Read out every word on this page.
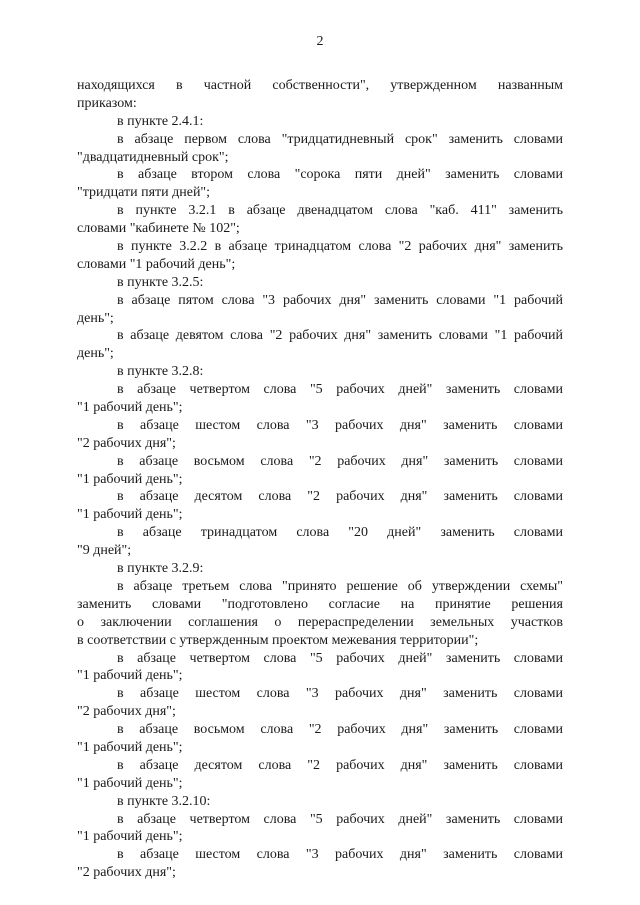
2
находящихся в частной собственности", утвержденном названным
приказом:
в пункте 2.4.1:
в абзаце первом слова "тридцатидневный срок" заменить словами
"двадцатидневный срок";
в абзаце втором слова "сорока пяти дней" заменить словами
"тридцати пяти дней";
в пункте 3.2.1 в абзаце двенадцатом слова "каб. 411" заменить
словами "кабинете № 102";
в пункте 3.2.2 в абзаце тринадцатом слова "2 рабочих дня" заменить
словами "1 рабочий день";
в пункте 3.2.5:
в абзаце пятом слова "3 рабочих дня" заменить словами "1 рабочий
день";
в абзаце девятом слова "2 рабочих дня" заменить словами "1 рабочий
день";
в пункте 3.2.8:
в абзаце четвертом слова "5 рабочих дней" заменить словами
"1 рабочий день";
в абзаце шестом слова "3 рабочих дня" заменить словами
"2 рабочих дня";
в абзаце восьмом слова "2 рабочих дня" заменить словами
"1 рабочий день";
в абзаце десятом слова "2 рабочих дня" заменить словами
"1 рабочий день";
в абзаце тринадцатом слова "20 дней" заменить словами
"9 дней";
в пункте 3.2.9:
в абзаце третьем слова "принято решение об утверждении схемы"
заменить словами "подготовлено согласие на принятие решения
о заключении соглашения о перераспределении земельных участков
в соответствии с утвержденным проектом межевания территории";
в абзаце четвертом слова "5 рабочих дней" заменить словами
"1 рабочий день";
в абзаце шестом слова "3 рабочих дня" заменить словами
"2 рабочих дня";
в абзаце восьмом слова "2 рабочих дня" заменить словами
"1 рабочий день";
в абзаце десятом слова "2 рабочих дня" заменить словами
"1 рабочий день";
в пункте 3.2.10:
в абзаце четвертом слова "5 рабочих дней" заменить словами
"1 рабочий день";
в абзаце шестом слова "3 рабочих дня" заменить словами
"2 рабочих дня";
